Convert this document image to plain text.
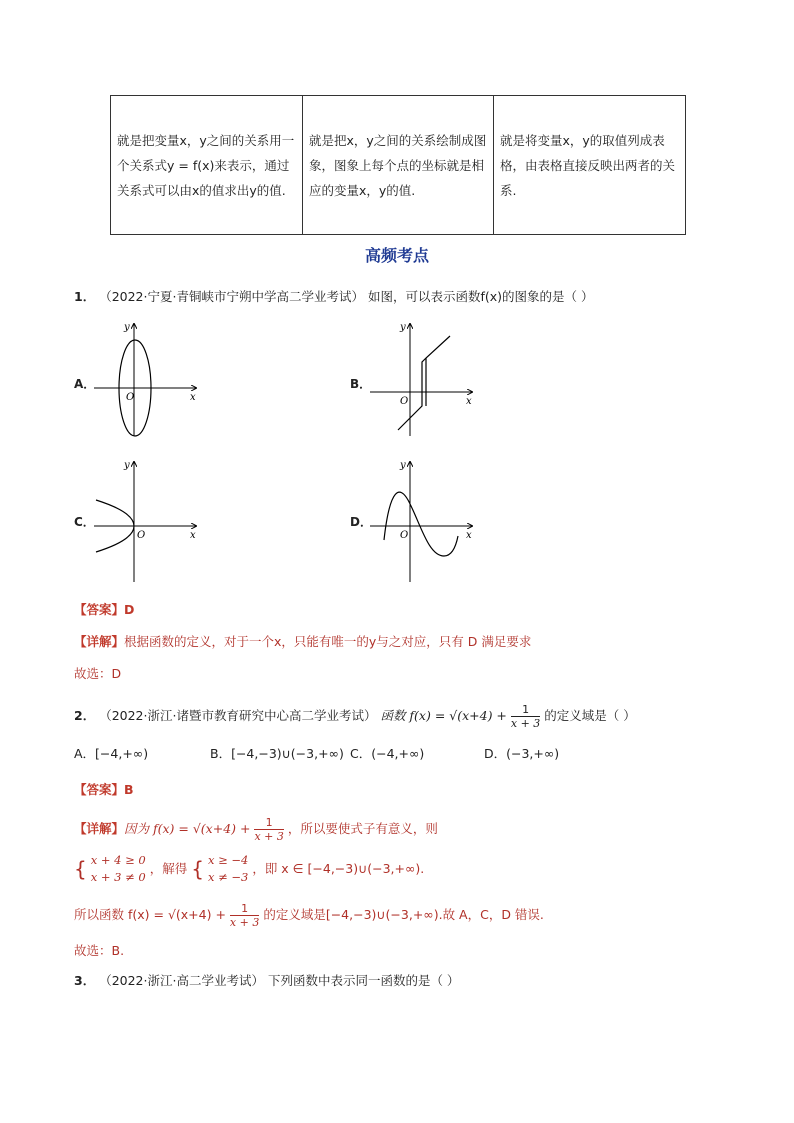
就是把变量x，y之间的关系用一个关系式y = f(x)来表示，通过关系式可以由x的值求出y的值.
就是把x，y之间的关系绘制成图象，图象上每个点的坐标就是相应的变量x，y的值.
就是将变量x，y的取值列成表格，由表格直接反映出两者的关系.
高频考点
1． （2022·宁夏·青铜峡市宁朔中学高二学业考试） 如图，可以表示函数f(x)的图象的是（ ）
A．	B．
C．	D．
O	x
y
O	x
y
O	x
y
O	x
y
【答案】D
【详解】根据函数的定义，对于一个x，只能有唯一的y与之对应，只有 D 满足要求
故选：D
2． （2022·浙江·诸暨市教育研究中心高二学业考试） 函数 $f(x) = √(x+4) + \frac{1}{x + 3}$ 的定义域是（ ）
A．[−4,+∞)	B．[−4,−3)∪(−3,+∞) C．(−4,+∞)	D．(−3,+∞)
【答案】B
【详解】因为 $f(x) = √(x+4) + \frac{1}{x + 3}$ ，所以要使式子有意义，则
{ x + 4 ≥ 0
x + 3 ≠ 0
，解得 { x ≥ −4
x ≠ −3
，即 x ∈ [−4,−3)∪(−3,+∞).
所以函数 $f(x) = √(x+4) + \frac{1}{x + 3}$ 的定义域是[−4,−3)∪(−3,+∞).故 A，C，D 错误.
故选：B.
3． （2022·浙江·高二学业考试） 下列函数中表示同一函数的是（ ）
